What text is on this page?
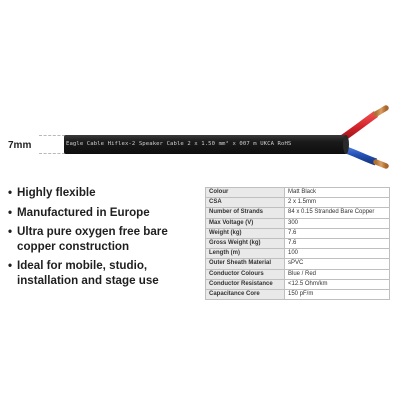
7mm	Eagle Cable Hiflex-2 Speaker Cable 2 x 1.50 mm² x 007 m UKCA RoHS
• Highly flexible
• Manufactured in Europe
• Ultra pure oxygen free bare copper construction
• Ideal for mobile, studio, installation and stage use
Colour	Matt Black
CSA	2 x 1.5mm
Number of Strands	84 x 0.15 Stranded Bare Copper
Max Voltage (V)	300
Weight (kg)	7.6
Gross Weight (kg)	7.6
Length (m)	100
Outer Sheath Material	sPVC
Conductor Colours	Blue / Red
Conductor Resistance	<12.5 Ohm/km
Capacitance Core	150 pF/m
